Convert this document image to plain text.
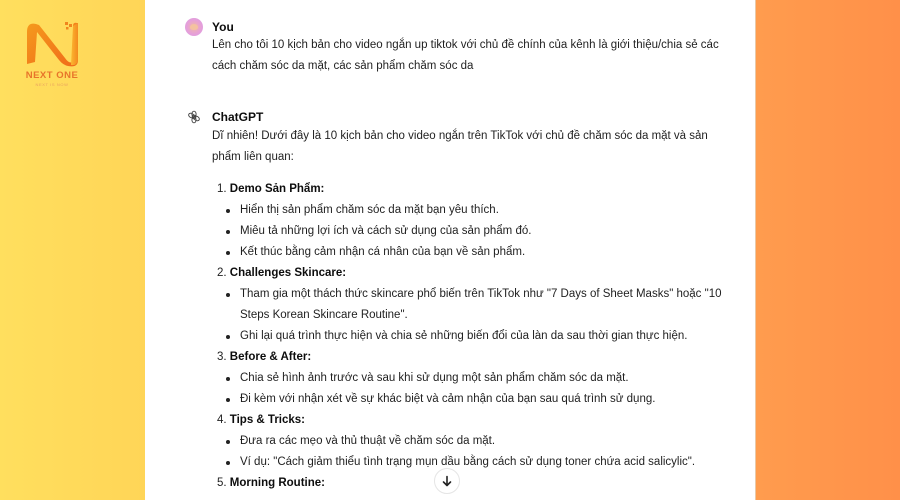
NEXT ONE
NEXT IS NOW
You
Lên cho tôi 10 kịch bản cho video ngắn up tiktok với chủ đề chính của kênh là giới thiệu/chia sẻ các cách chăm sóc da mặt, các sản phẩm chăm sóc da
ChatGPT
Dĩ nhiên! Dưới đây là 10 kịch bản cho video ngắn trên TikTok với chủ đề chăm sóc da mặt và sản phẩm liên quan:
1. Demo Sản Phẩm:
Hiển thị sản phẩm chăm sóc da mặt bạn yêu thích.
Miêu tả những lợi ích và cách sử dụng của sản phẩm đó.
Kết thúc bằng cảm nhận cá nhân của bạn về sản phẩm.
2. Challenges Skincare:
Tham gia một thách thức skincare phổ biến trên TikTok như "7 Days of Sheet Masks" hoặc "10 Steps Korean Skincare Routine".
Ghi lại quá trình thực hiện và chia sẻ những biến đổi của làn da sau thời gian thực hiện.
3. Before & After:
Chia sẻ hình ảnh trước và sau khi sử dụng một sản phẩm chăm sóc da mặt.
Đi kèm với nhận xét về sự khác biệt và cảm nhận của bạn sau quá trình sử dụng.
4. Tips & Tricks:
Đưa ra các mẹo và thủ thuật về chăm sóc da mặt.
Ví dụ: "Cách giảm thiểu tình trạng mụn dầu bằng cách sử dụng toner chứa acid salicylic".
5. Morning Routine:
